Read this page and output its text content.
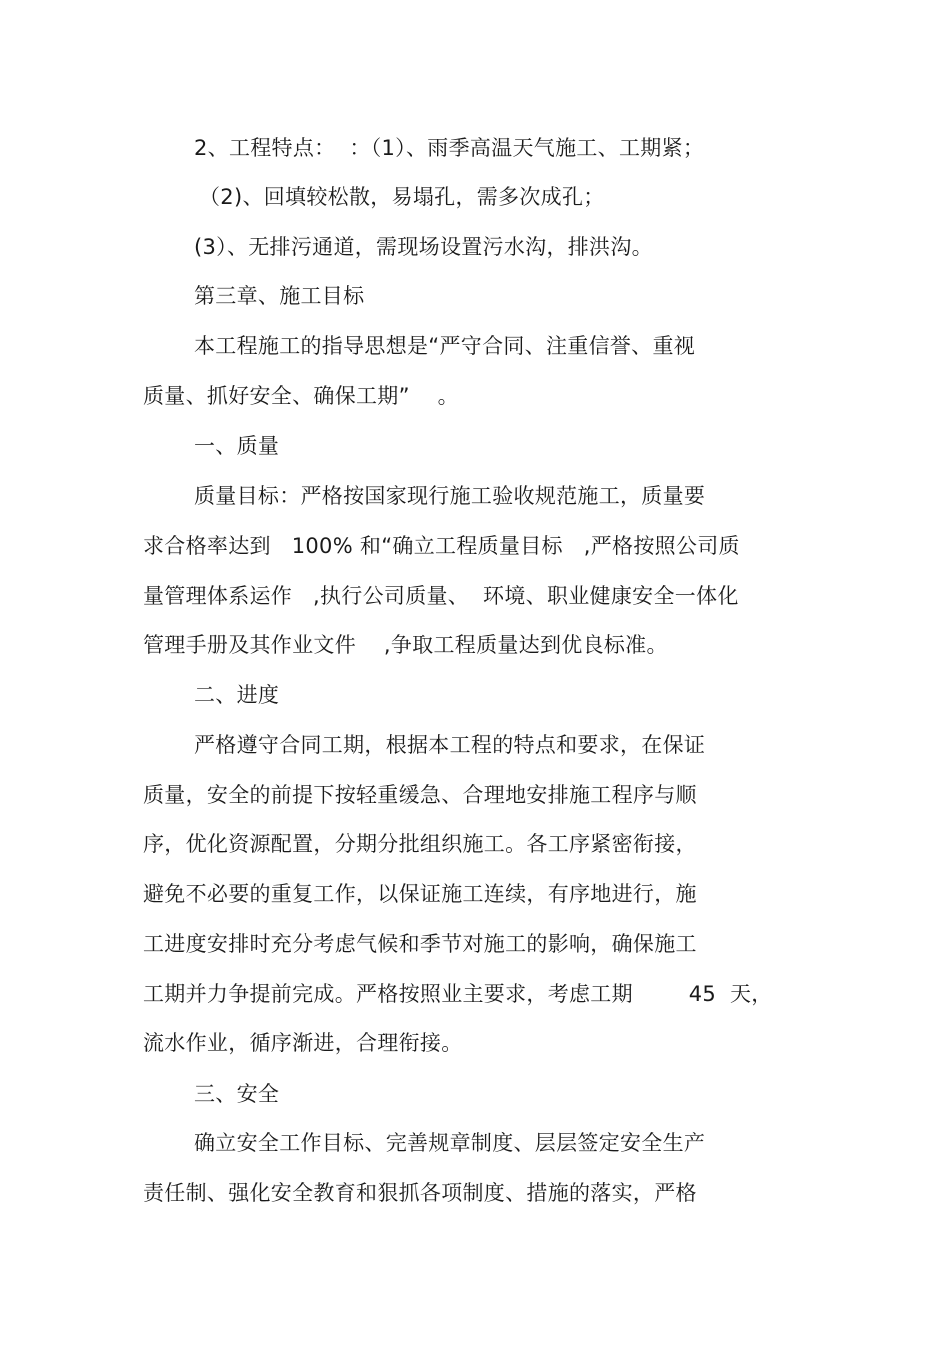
2、工程特点：  ：（1）、雨季高温天气施工、工期紧；
（2)、回填较松散，易塌孔，需多次成孔；
(3）、无排污通道，需现场设置污水沟，排洪沟。
第三章、施工目标
本工程施工的指导思想是“严守合同、注重信誉、重视
质量、抓好安全、确保工期”    。
一、质量
质量目标：严格按国家现行施工验收规范施工，质量要
求合格率达到   100% 和“确立工程质量目标   ,严格按照公司质
量管理体系运作   ,执行公司质量、  环境、职业健康安全一体化
管理手册及其作业文件    ,争取工程质量达到优良标准。
二、进度
严格遵守合同工期，根据本工程的特点和要求，在保证
质量，安全的前提下按轻重缓急、合理地安排施工程序与顺
序，优化资源配置，分期分批组织施工。各工序紧密衔接，
避免不必要的重复工作，以保证施工连续，有序地进行，施
工进度安排时充分考虑气候和季节对施工的影响，确保施工
工期并力争提前完成。严格按照业主要求，考虑工期        45  天，
流水作业，循序渐进，合理衔接。
三、安全
确立安全工作目标、完善规章制度、层层签定安全生产
责任制、强化安全教育和狠抓各项制度、措施的落实，严格
